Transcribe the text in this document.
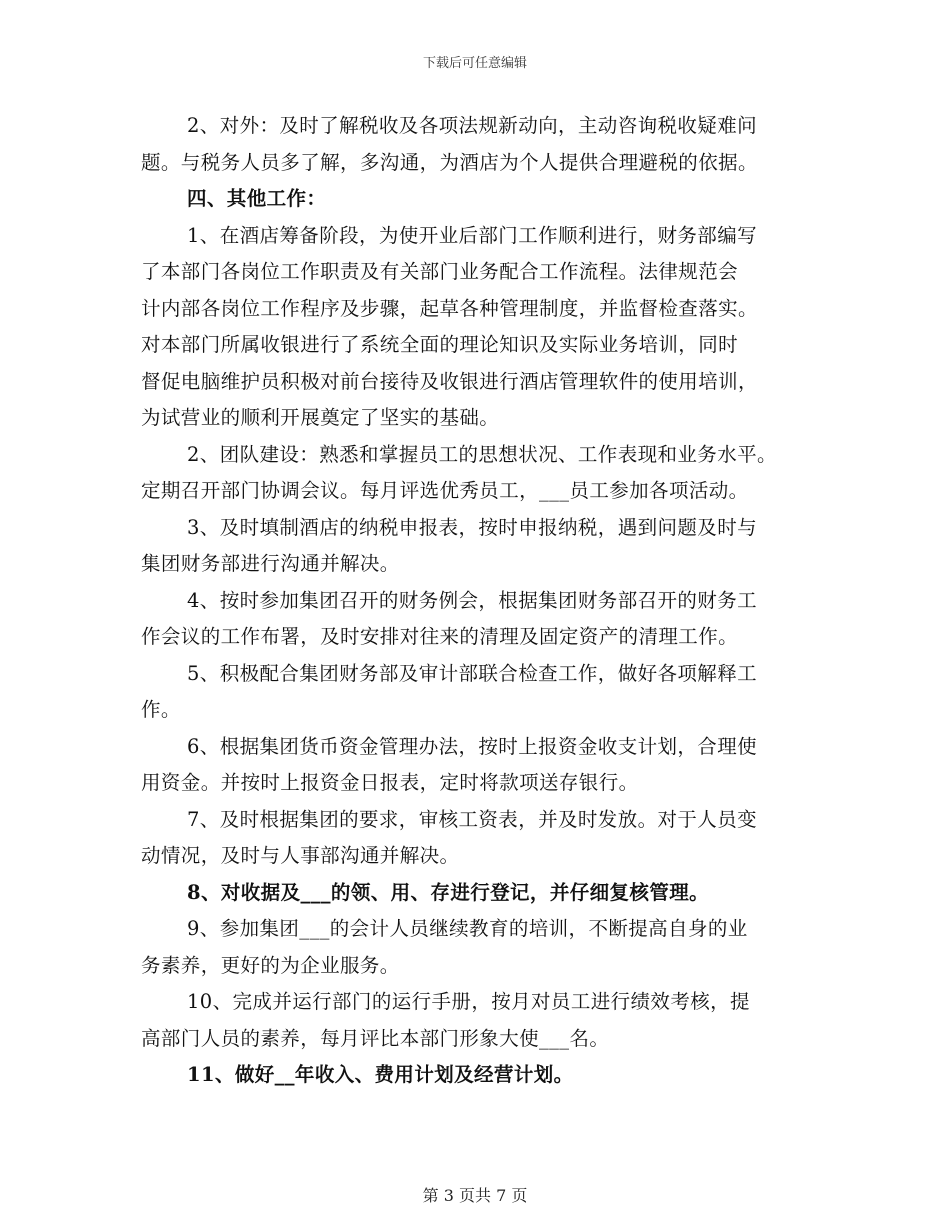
下载后可任意编辑
2、对外：及时了解税收及各项法规新动向，主动咨询税收疑难问
题。与税务人员多了解，多沟通，为酒店为个人提供合理避税的依据。
四、其他工作：
1、在酒店筹备阶段，为使开业后部门工作顺利进行，财务部编写
了本部门各岗位工作职责及有关部门业务配合工作流程。法律规范会
计内部各岗位工作程序及步骤，起草各种管理制度，并监督检查落实。
对本部门所属收银进行了系统全面的理论知识及实际业务培训，同时
督促电脑维护员积极对前台接待及收银进行酒店管理软件的使用培训，
为试营业的顺利开展奠定了坚实的基础。
2、团队建设：熟悉和掌握员工的思想状况、工作表现和业务水平。
定期召开部门协调会议。每月评选优秀员工，___员工参加各项活动。
3、及时填制酒店的纳税申报表，按时申报纳税，遇到问题及时与
集团财务部进行沟通并解决。
4、按时参加集团召开的财务例会，根据集团财务部召开的财务工
作会议的工作布署，及时安排对往来的清理及固定资产的清理工作。
5、积极配合集团财务部及审计部联合检查工作，做好各项解释工
作。
6、根据集团货币资金管理办法，按时上报资金收支计划，合理使
用资金。并按时上报资金日报表，定时将款项送存银行。
7、及时根据集团的要求，审核工资表，并及时发放。对于人员变
动情况，及时与人事部沟通并解决。
8、对收据及___的领、用、存进行登记，并仔细复核管理。
9、参加集团___的会计人员继续教育的培训，不断提高自身的业
务素养，更好的为企业服务。
10、完成并运行部门的运行手册，按月对员工进行绩效考核，提
高部门人员的素养，每月评比本部门形象大使___名。
11、做好__年收入、费用计划及经营计划。
第 3 页共 7 页
